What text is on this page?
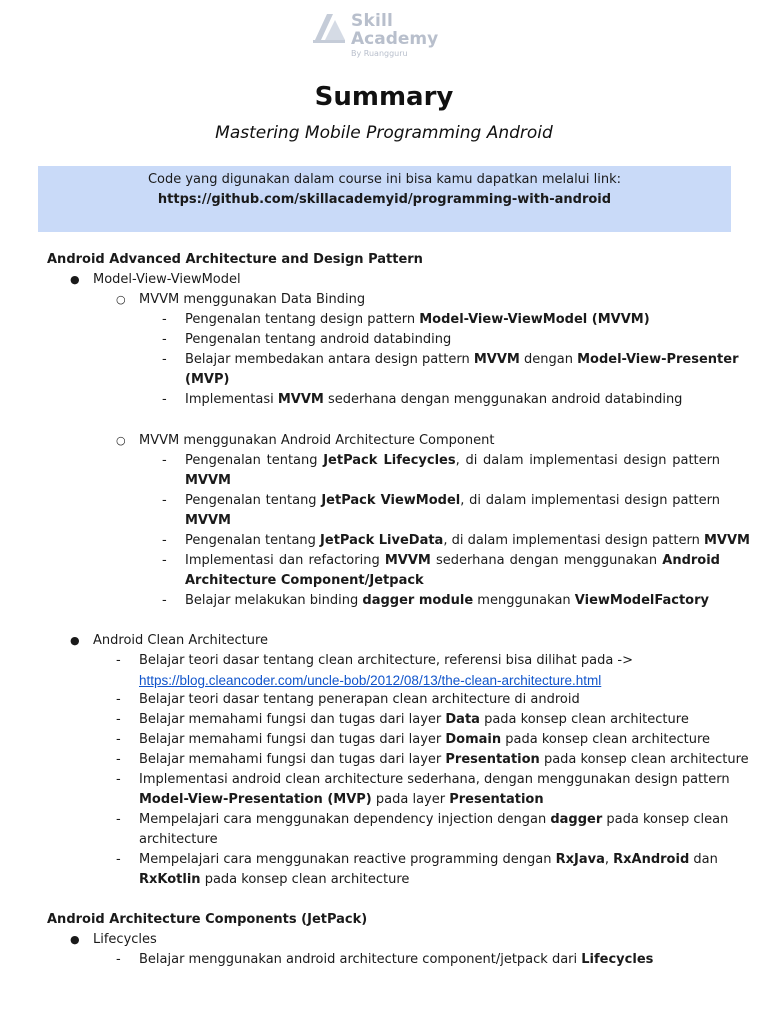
Skill
Academy
By Ruangguru
Summary
Mastering Mobile Programming Android
Code yang digunakan dalam course ini bisa kamu dapatkan melalui link:
https://github.com/skillacademyid/programming-with-android
Android Advanced Architecture and Design Pattern
● Model-View-ViewModel
○ MVVM menggunakan Data Binding
- Pengenalan tentang design pattern Model-View-ViewModel (MVVM)
- Pengenalan tentang android databinding
- Belajar membedakan antara design pattern MVVM dengan Model-View-Presenter
(MVP)
- Implementasi MVVM sederhana dengan menggunakan android databinding
○ MVVM menggunakan Android Architecture Component
- Pengenalan tentang JetPack Lifecycles, di dalam implementasi design pattern
MVVM
- Pengenalan tentang JetPack ViewModel, di dalam implementasi design pattern
MVVM
- Pengenalan tentang JetPack LiveData, di dalam implementasi design pattern MVVM
- Implementasi dan refactoring MVVM sederhana dengan menggunakan Android
Architecture Component/Jetpack
- Belajar melakukan binding dagger module menggunakan ViewModelFactory
● Android Clean Architecture
- Belajar teori dasar tentang clean architecture, referensi bisa dilihat pada ->
https://blog.cleancoder.com/uncle-bob/2012/08/13/the-clean-architecture.html
- Belajar teori dasar tentang penerapan clean architecture di android
- Belajar memahami fungsi dan tugas dari layer Data pada konsep clean architecture
- Belajar memahami fungsi dan tugas dari layer Domain pada konsep clean architecture
- Belajar memahami fungsi dan tugas dari layer Presentation pada konsep clean architecture
- Implementasi android clean architecture sederhana, dengan menggunakan design pattern
Model-View-Presentation (MVP) pada layer Presentation
- Mempelajari cara menggunakan dependency injection dengan dagger pada konsep clean
architecture
- Mempelajari cara menggunakan reactive programming dengan RxJava, RxAndroid dan
RxKotlin pada konsep clean architecture
Android Architecture Components (JetPack)
● Lifecycles
- Belajar menggunakan android architecture component/jetpack dari Lifecycles
